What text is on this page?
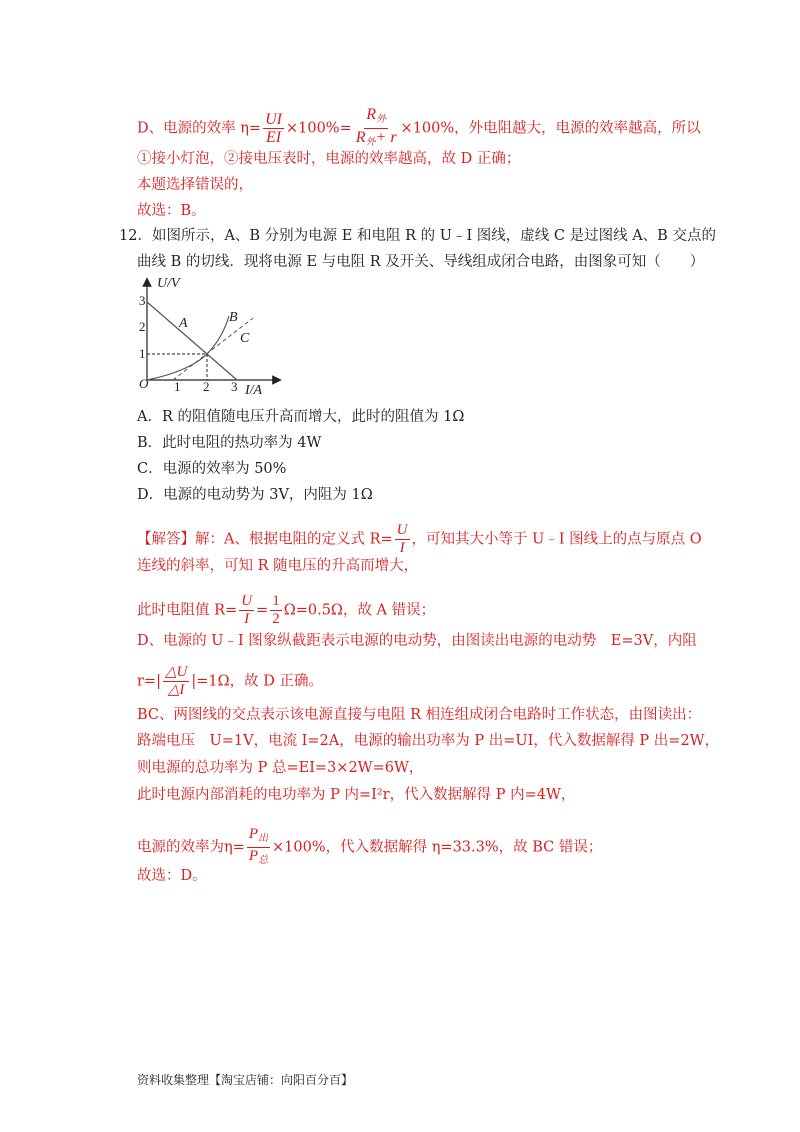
D、电源的效率 $\eta= \frac{UI}{EI} \times 100\%= \frac{R_外}{R_外+ r} \times 100\%$，外电阻越大，电源的效率越高，所以
①接小灯泡，②接电压表时，电源的效率越高，故 D 正确；
本题选择错误的，
故选：B。
12．如图所示，A、B 分别为电源 E 和电阻 R 的 U﹣I 图线，虚线 C 是过图线 A、B 交点的
曲线 B 的切线．现将电源 E 与电阻 R 及开关、导线组成闭合电路，由图象可知（　　）
U/V
I/A
O
1
2
3
1 2 3
A	B
C
A．R 的阻值随电压升高而增大，此时的阻值为 1Ω
B．此时电阻的热功率为 4W
C．电源的效率为 50%
D．电源的电动势为 3V，内阻为 1Ω
【解答】解：A、根据电阻的定义式 $R= \frac{U}{I}$ ，可知其大小等于 U﹣I 图线上的点与原点 O
连线的斜率，可知 R 随电压的升高而增大，
此时电阻值 $R= \frac{U}{I} = \frac{1}{2} \Omega=0.5\Omega$，故 A 错误；
D、电源的 U﹣I 图象纵截距表示电源的电动势，由图读出电源的电动势　E=3V，内阻
$r=| \frac{\triangle U}{\triangle I} |=1\Omega$，故 D 正确。
BC、两图线的交点表示该电源直接与电阻 R 相连组成闭合电路时工作状态，由图读出：
路端电压　U=1V，电流 I=2A，电源的输出功率为 P 出=UI，代入数据解得 P 出=2W，
则电源的总功率为 P 总=EI=3×2W=6W，
此时电源内部消耗的电功率为 P 内=I²r，代入数据解得 P 内=4W，
电源的效率为$\eta= \frac{P_出}{P_总} \times 100\%$，代入数据解得 η=33.3%，故 BC 错误；
故选：D。
资料收集整理【淘宝店铺：向阳百分百】
